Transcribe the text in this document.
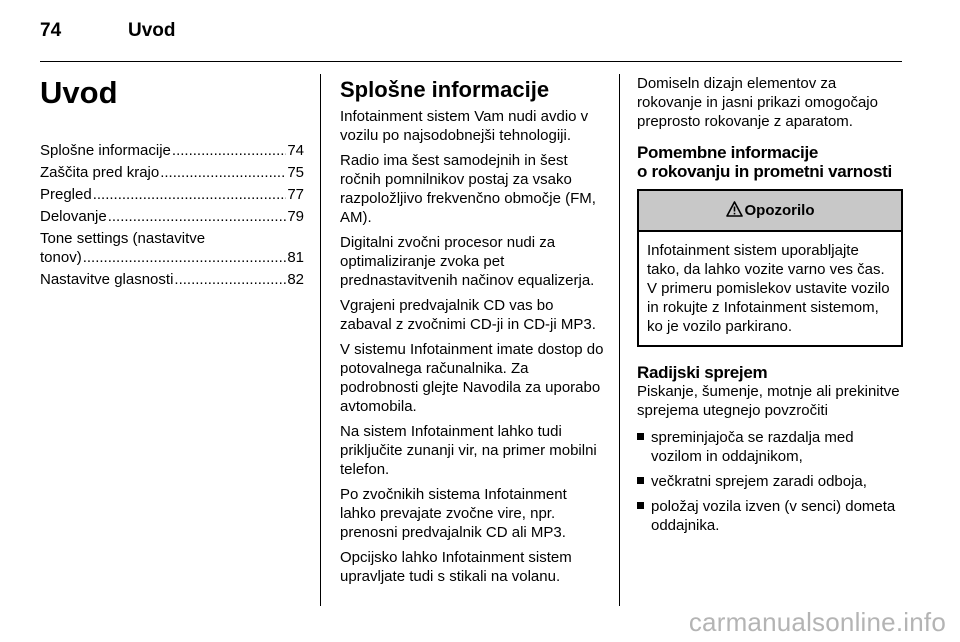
74	Uvod
Uvod
Splošne informacije .....	74
Zaščita pred krajo .....	75
Pregled .....	77
Delovanje .....	79
Tone settings (nastavitve
tonov) .....	81
Nastavitve glasnosti .....	82
Splošne informacije

Infotainment sistem Vam nudi avdio v vozilu po najsodobnejši tehnologiji.

Radio ima šest samodejnih in šest ročnih pomnilnikov postaj za vsako razpoložljivo frekvenčno območje (FM, AM).

Digitalni zvočni procesor nudi za optimaliziranje zvoka pet prednastavitvenih načinov equalizerja.

Vgrajeni predvajalnik CD vas bo zabaval z zvočnimi CD-ji in CD-ji MP3.

V sistemu Infotainment imate dostop do potovalnega računalnika. Za podrobnosti glejte Navodila za uporabo avtomobila.

Na sistem Infotainment lahko tudi priključite zunanji vir, na primer mobilni telefon.

Po zvočnikih sistema Infotainment lahko prevajate zvočne vire, npr. prenosni predvajalnik CD ali MP3.

Opcijsko lahko Infotainment sistem upravljate tudi s stikali na volanu.

Domiseln dizajn elementov za rokovanje in jasni prikazi omogočajo preprosto rokovanje z aparatom.

Pomembne informacije
o rokovanju in prometni varnosti
Opozorilo
Infotainment sistem uporabljajte tako, da lahko vozite varno ves čas. V primeru pomislekov ustavite vozilo in rokujte z Infotainment sistemom, ko je vozilo parkirano.
Radijski sprejem

Piskanje, šumenje, motnje ali prekinitve sprejema utegnejo povzročiti

spreminjajoča se razdalja med vozilom in oddajnikom,
večkratni sprejem zaradi odboja,
položaj vozila izven (v senci) dometa oddajnika.
carmanualsonline.info
